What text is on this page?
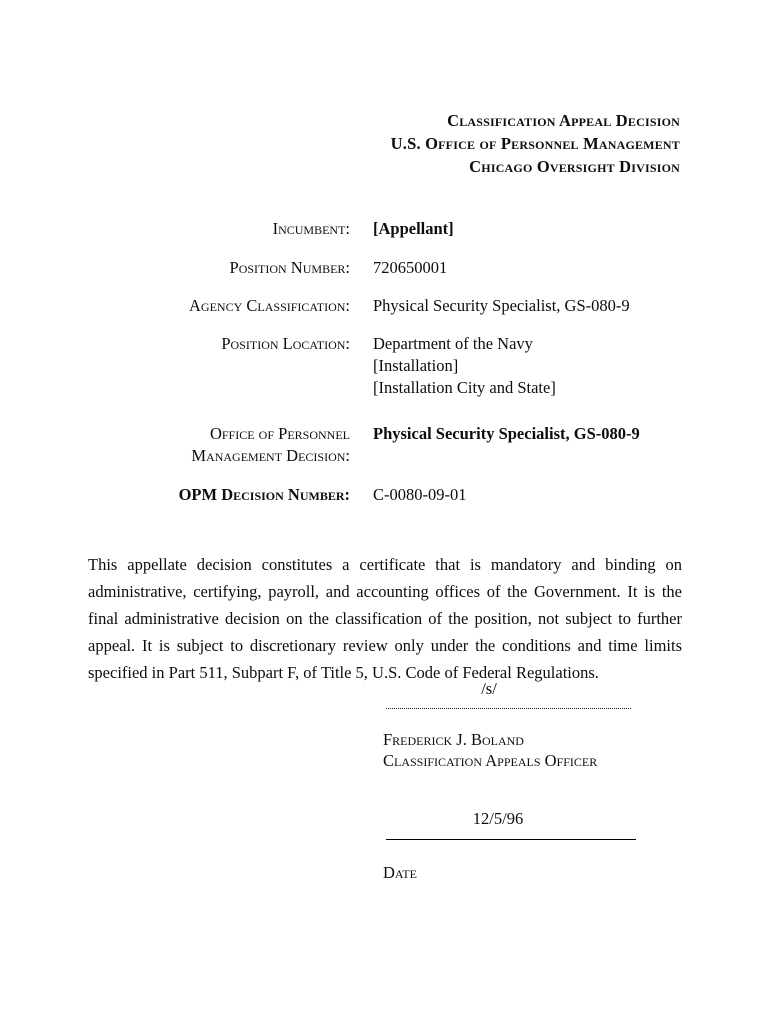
Classification Appeal Decision
U.S. Office of Personnel Management
Chicago Oversight Division
Incumbent:	[Appellant]
Position Number:	720650001
Agency Classification:	Physical Security Specialist, GS-080-9
Position Location:	Department of the Navy
[Installation]
[Installation City and State]
Office of Personnel
Management Decision:
Physical Security Specialist, GS-080-9
OPM Decision Number:	C-0080-09-01
This appellate decision constitutes a certificate that is mandatory and binding on administrative, certifying, payroll, and accounting offices of the Government. It is the final administrative decision on the classification of the position, not subject to further appeal. It is subject to discretionary review only under the conditions and time limits specified in Part 511, Subpart F, of Title 5, U.S. Code of Federal Regulations.
/s/
Frederick J. Boland
Classification Appeals Officer
12/5/96
Date
